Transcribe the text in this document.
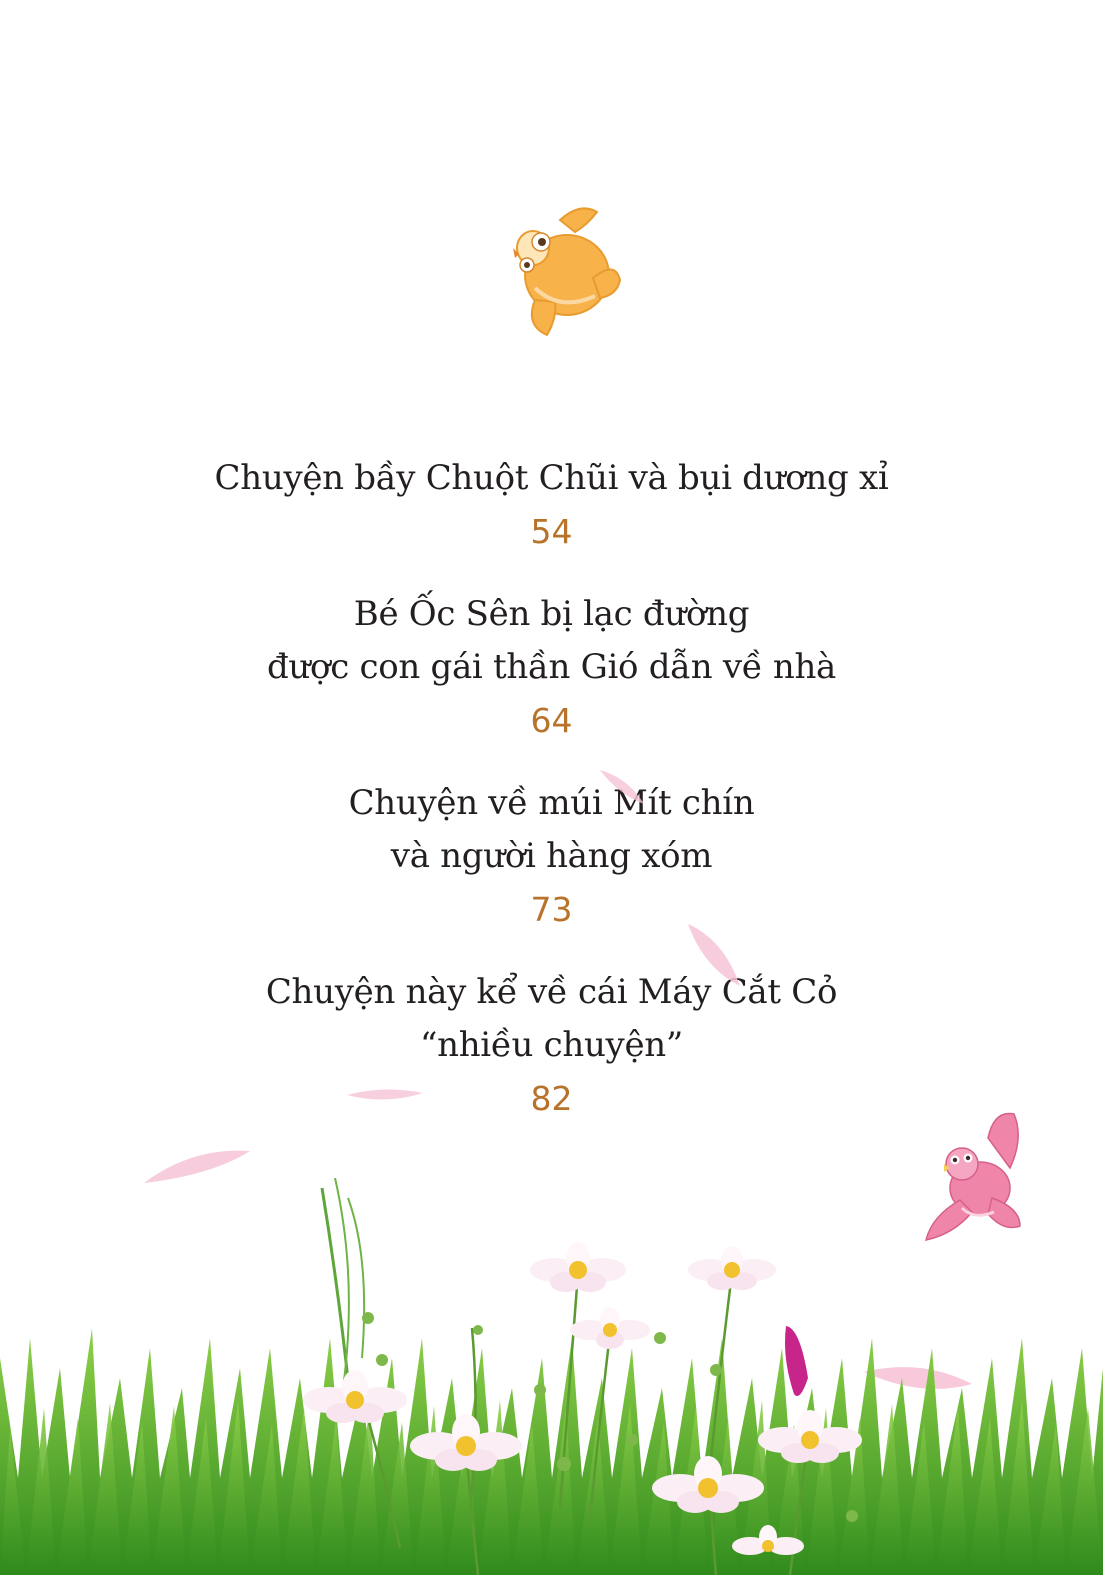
Chuyện bầy Chuột Chũi và bụi dương xỉ
54
Bé Ốc Sên bị lạc đường
được con gái thần Gió dẫn về nhà
64
Chuyện về múi Mít chín
và người hàng xóm
73
Chuyện này kể về cái Máy Cắt Cỏ
“nhiều chuyện”
82
